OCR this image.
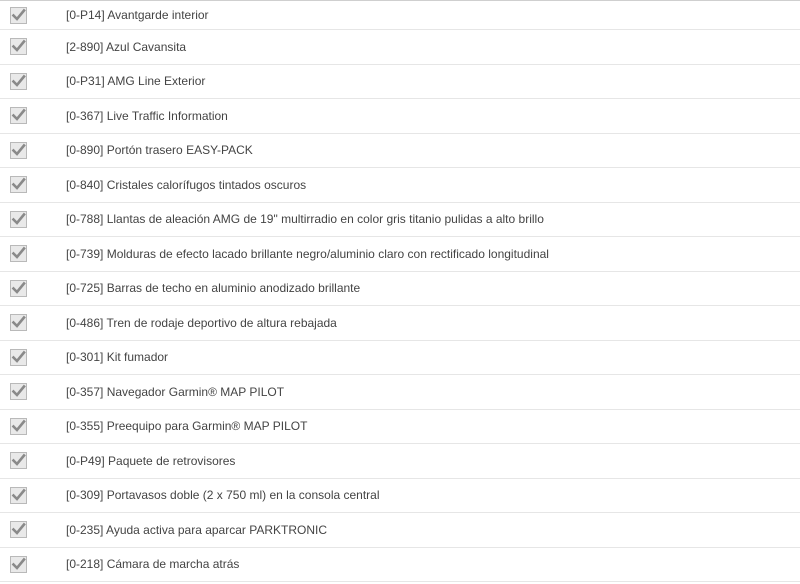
[0-P14] Avantgarde interior
[2-890] Azul Cavansita
[0-P31] AMG Line Exterior
[0-367] Live Traffic Information
[0-890] Portón trasero EASY-PACK
[0-840] Cristales calorífugos tintados oscuros
[0-788] Llantas de aleación AMG de 19" multirradio en color gris titanio pulidas a alto brillo
[0-739] Molduras de efecto lacado brillante negro/aluminio claro con rectificado longitudinal
[0-725] Barras de techo en aluminio anodizado brillante
[0-486] Tren de rodaje deportivo de altura rebajada
[0-301] Kit fumador
[0-357] Navegador Garmin® MAP PILOT
[0-355] Preequipo para Garmin® MAP PILOT
[0-P49] Paquete de retrovisores
[0-309] Portavasos doble (2 x 750 ml) en la consola central
[0-235] Ayuda activa para aparcar PARKTRONIC
[0-218] Cámara de marcha atrás
